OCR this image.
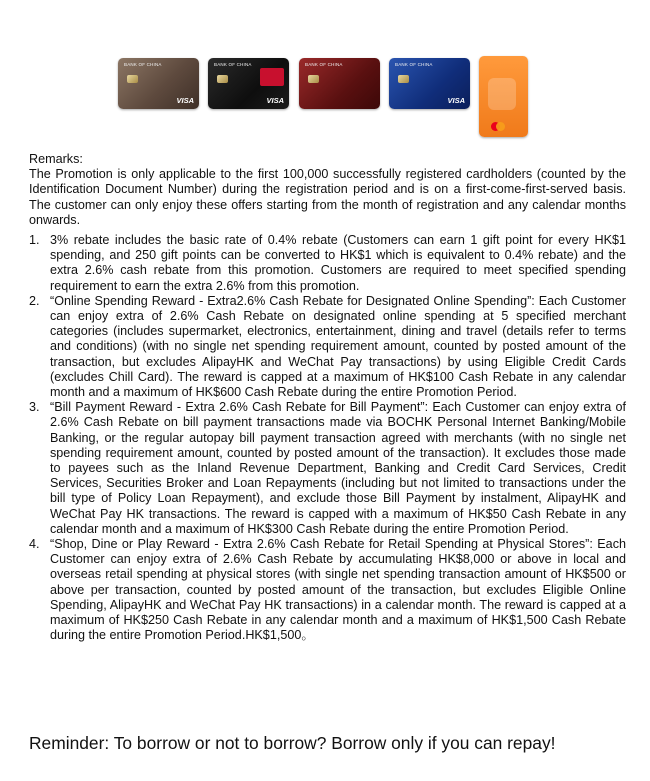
BANK OF CHINA
VISA
BANK OF CHINA
VISA
BANK OF CHINA	BANK OF CHINA
VISA

Remarks:

The Promotion is only applicable to the first 100,000 successfully registered cardholders (counted by the Identification Document Number) during the registration period and is on a first-come-first-served basis. The customer can only enjoy these offers starting from the month of registration and any calendar months onwards.

1. 3% rebate includes the basic rate of 0.4% rebate (Customers can earn 1 gift point for every HK$1 spending, and 250 gift points can be converted to HK$1 which is equivalent to 0.4% rebate) and the extra 2.6% cash rebate from this promotion. Customers are required to meet specified spending requirement to earn the extra 2.6% from this promotion.
2. “Online Spending Reward - Extra2.6% Cash Rebate for Designated Online Spending”: Each Customer can enjoy extra of 2.6% Cash Rebate on designated online spending at 5 specified merchant categories (includes supermarket, electronics, entertainment, dining and travel (details refer to terms and conditions) (with no single net spending requirement amount, counted by posted amount of the transaction, but excludes AlipayHK and WeChat Pay transactions) by using Eligible Credit Cards (excludes Chill Card). The reward is capped at a maximum of HK$100 Cash Rebate in any calendar month and a maximum of HK$600 Cash Rebate during the entire Promotion Period.
3. “Bill Payment Reward - Extra 2.6% Cash Rebate for Bill Payment”: Each Customer can enjoy extra of 2.6% Cash Rebate on bill payment transactions made via BOCHK Personal Internet Banking/Mobile Banking, or the regular autopay bill payment transaction agreed with merchants (with no single net spending requirement amount, counted by posted amount of the transaction). It excludes those made to payees such as the Inland Revenue Department, Banking and Credit Card Services, Credit Services, Securities Broker and Loan Repayments (including but not limited to transactions under the bill type of Policy Loan Repayment), and exclude those Bill Payment by instalment, AlipayHK and WeChat Pay HK transactions. The reward is capped with a maximum of HK$50 Cash Rebate in any calendar month and a maximum of HK$300 Cash Rebate during the entire Promotion Period.
4. “Shop, Dine or Play Reward - Extra 2.6% Cash Rebate for Retail Spending at Physical Stores”: Each Customer can enjoy extra of 2.6% Cash Rebate by accumulating HK$8,000 or above in local and overseas retail spending at physical stores (with single net spending transaction amount of HK$500 or above per transaction, counted by posted amount of the transaction, but excludes Eligible Online Spending, AlipayHK and WeChat Pay HK transactions) in a calendar month. The reward is capped at a maximum of HK$250 Cash Rebate in any calendar month and a maximum of HK$1,500 Cash Rebate during the entire Promotion Period.HK$1,500。
Reminder: To borrow or not to borrow? Borrow only if you can repay!
